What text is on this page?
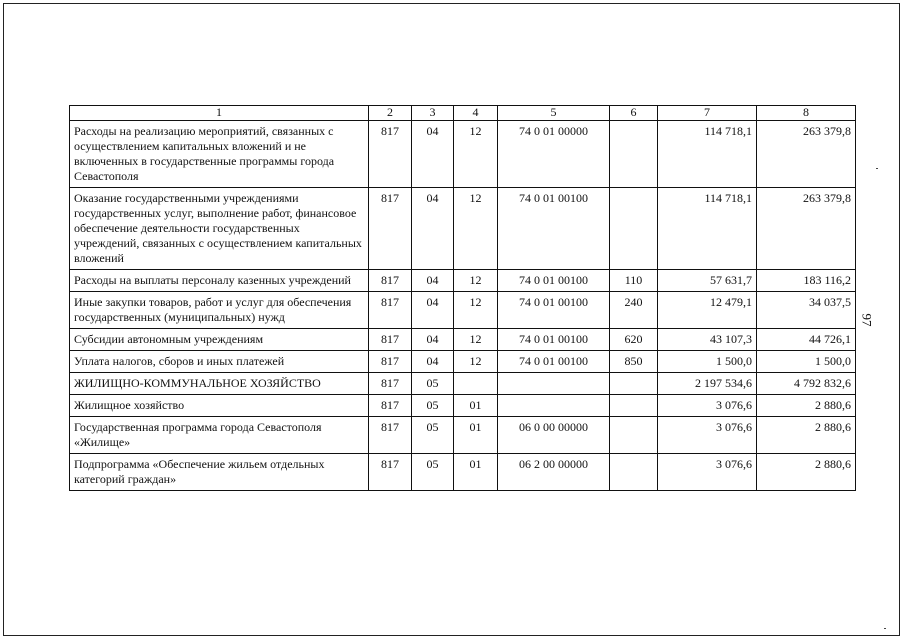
1	2	3	4	5	6	7	8
Расходы на реализацию мероприятий, связанных с осуществлением капитальных вложений и не включенных в государственные программы города Севастополя	817	04	12	74 0 01 00000		114 718,1	263 379,8
Оказание государственными учреждениями государственных услуг, выполнение работ, финансовое обеспечение деятельности государственных учреждений, связанных с осуществлением капитальных вложений	817	04	12	74 0 01 00100		114 718,1	263 379,8
Расходы на выплаты персоналу казенных учреждений	817	04	12	74 0 01 00100	110	57 631,7	183 116,2
Иные закупки товаров, работ и услуг для обеспечения государственных (муниципальных) нужд	817	04	12	74 0 01 00100	240	12 479,1	34 037,5
Субсидии автономным учреждениям	817	04	12	74 0 01 00100	620	43 107,3	44 726,1
Уплата налогов, сборов и иных платежей	817	04	12	74 0 01 00100	850	1 500,0	1 500,0
ЖИЛИЩНО-КОММУНАЛЬНОЕ ХОЗЯЙСТВО	817	05				2 197 534,6	4 792 832,6
Жилищное хозяйство	817	05	01			3 076,6	2 880,6
Государственная программа города Севастополя «Жилище»	817	05	01	06 0 00 00000		3 076,6	2 880,6
Подпрограмма «Обеспечение жильем отдельных категорий граждан»	817	05	01	06 2 00 00000		3 076,6	2 880,6
97
